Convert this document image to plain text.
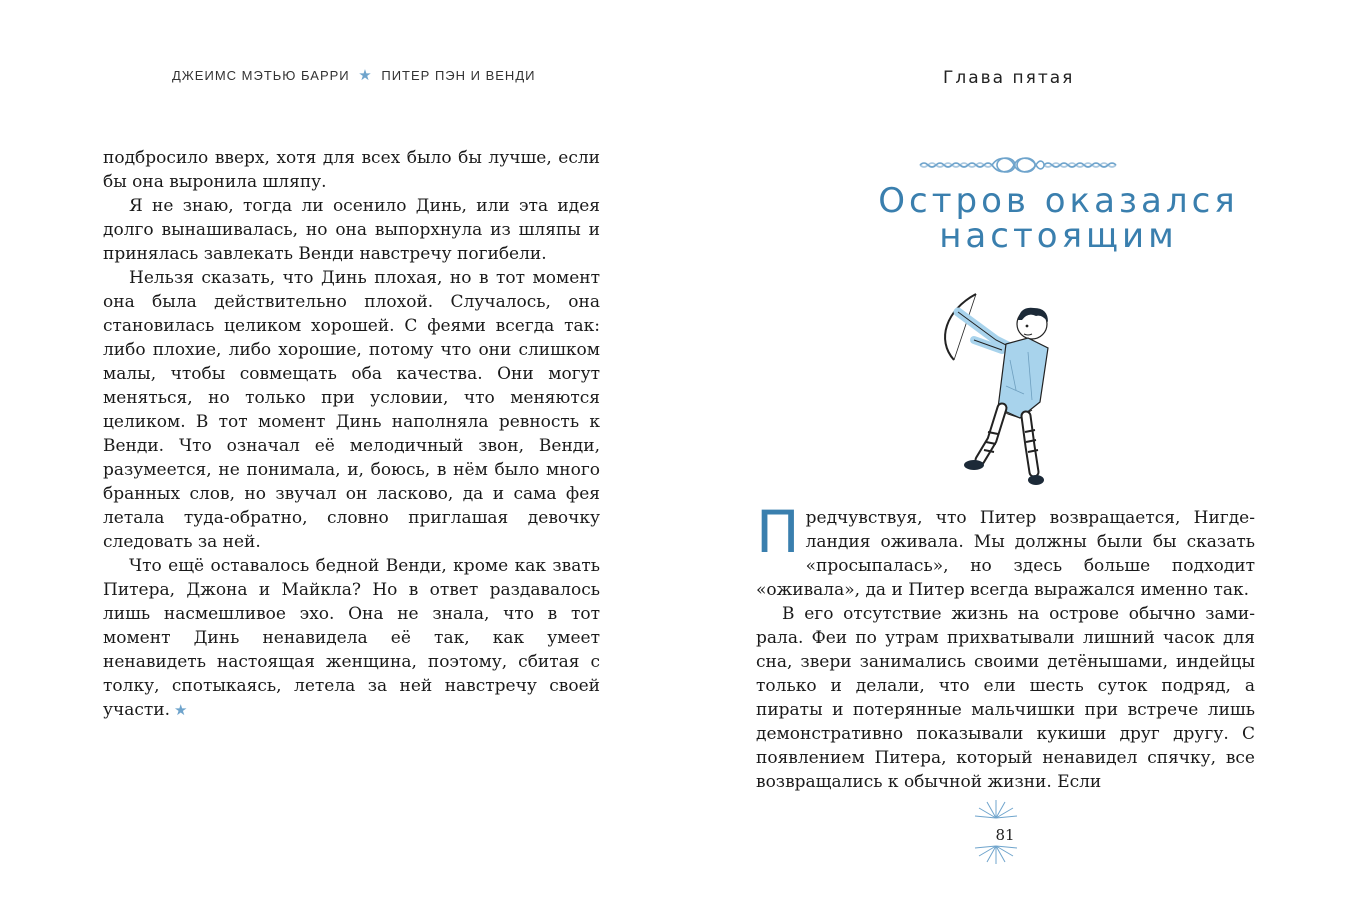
ДЖЕИМС МЭТЬЮ БАРРИ ★ ПИТЕР ПЭН И ВЕНДИ

подбросило вверх, хотя для всех было бы лучше, если бы она выронила шляпу.

Я не знаю, тогда ли осенило Динь, или эта идея долго вынашивалась, но она выпорхнула из шляпы и принялась завлекать Венди навстречу погибели.

Нельзя сказать, что Динь плохая, но в тот момент она была действительно плохой. Случалось, она становилась целиком хорошей. С феями всегда так: либо плохие, либо хорошие, потому что они слишком малы, чтобы совмещать оба качества. Они могут меняться, но только при условии, что меняются целиком. В тот момент Динь наполняла ревность к Венди. Что означал её мелодичный звон, Венди, разумеется, не понимала, и, боюсь, в нём было много бранных слов, но звучал он ласково, да и сама фея летала туда-обратно, словно приглашая девочку следовать за ней.

Что ещё оставалось бедной Венди, кроме как звать Питера, Джона и Майкла? Но в ответ раздавалось лишь насмешливое эхо. Она не знала, что в тот момент Динь ненавидела её так, как умеет ненавидеть настоящая женщина, поэтому, сбитая с толку, спотыкаясь, летела за ней навстречу своей участи. ★

Глава пятая
Остров оказался
настоящим

Предчувствуя, что Питер возвращается, Нигделандия оживала. Мы должны были бы сказать «просыпалась», но здесь больше подходит «оживала», да и Питер всегда выражался именно так.

В его отсутствие жизнь на острове обычно замирала. Феи по утрам прихватывали лишний часок для сна, звери занимались своими детёнышами, индейцы только и делали, что ели шесть суток подряд, а пираты и потерянные мальчишки при встрече лишь демонстративно показывали кукиши друг другу. С появлением Питера, который ненавидел спячку, все возвращались к обычной жизни. Если

81
